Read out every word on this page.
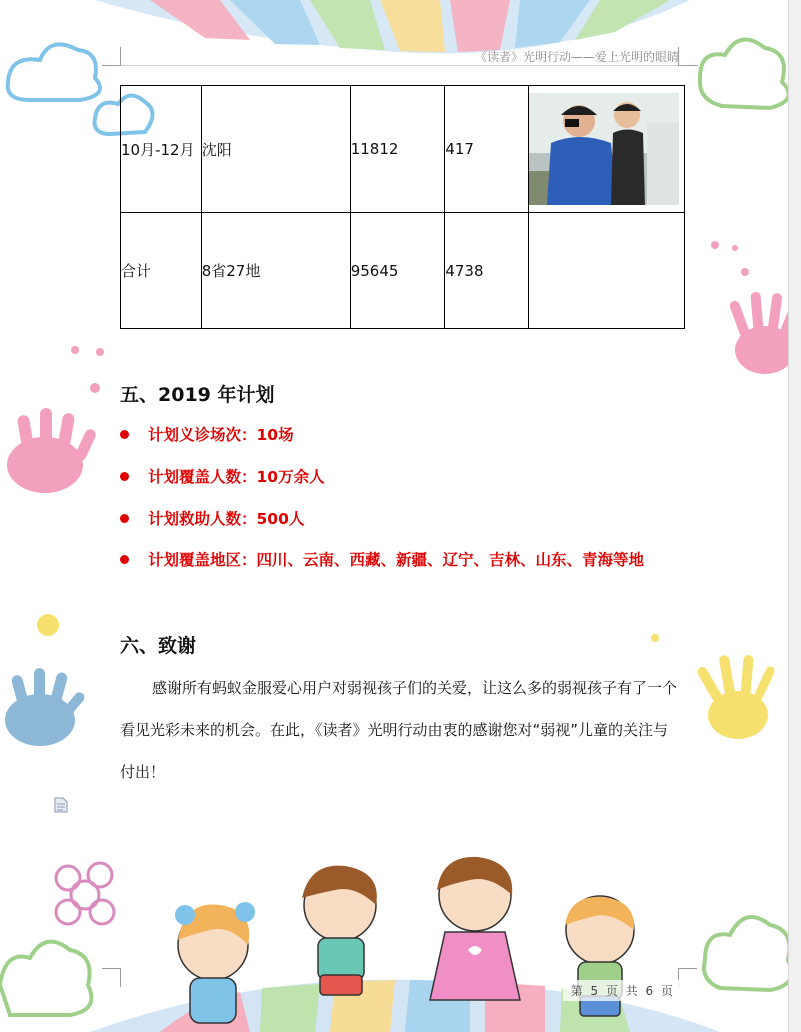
《读者》光明行动——爱上光明的眼睛
10月-12月	沈阳	11812	417	

合计	8省27地	95645	4738	
五、2019 年计划
计划义诊场次：10场
计划覆盖人数：10万余人
计划救助人数：500人
计划覆盖地区：四川、云南、西藏、新疆、辽宁、吉林、山东、青海等地
六、致谢
感谢所有蚂蚁金服爱心用户对弱视孩子们的关爱，让这么多的弱视孩子有了一个看见光彩未来的机会。在此，《读者》光明行动由衷的感谢您对“弱视”儿童的关注与付出！
第 5 页 共 6 页
